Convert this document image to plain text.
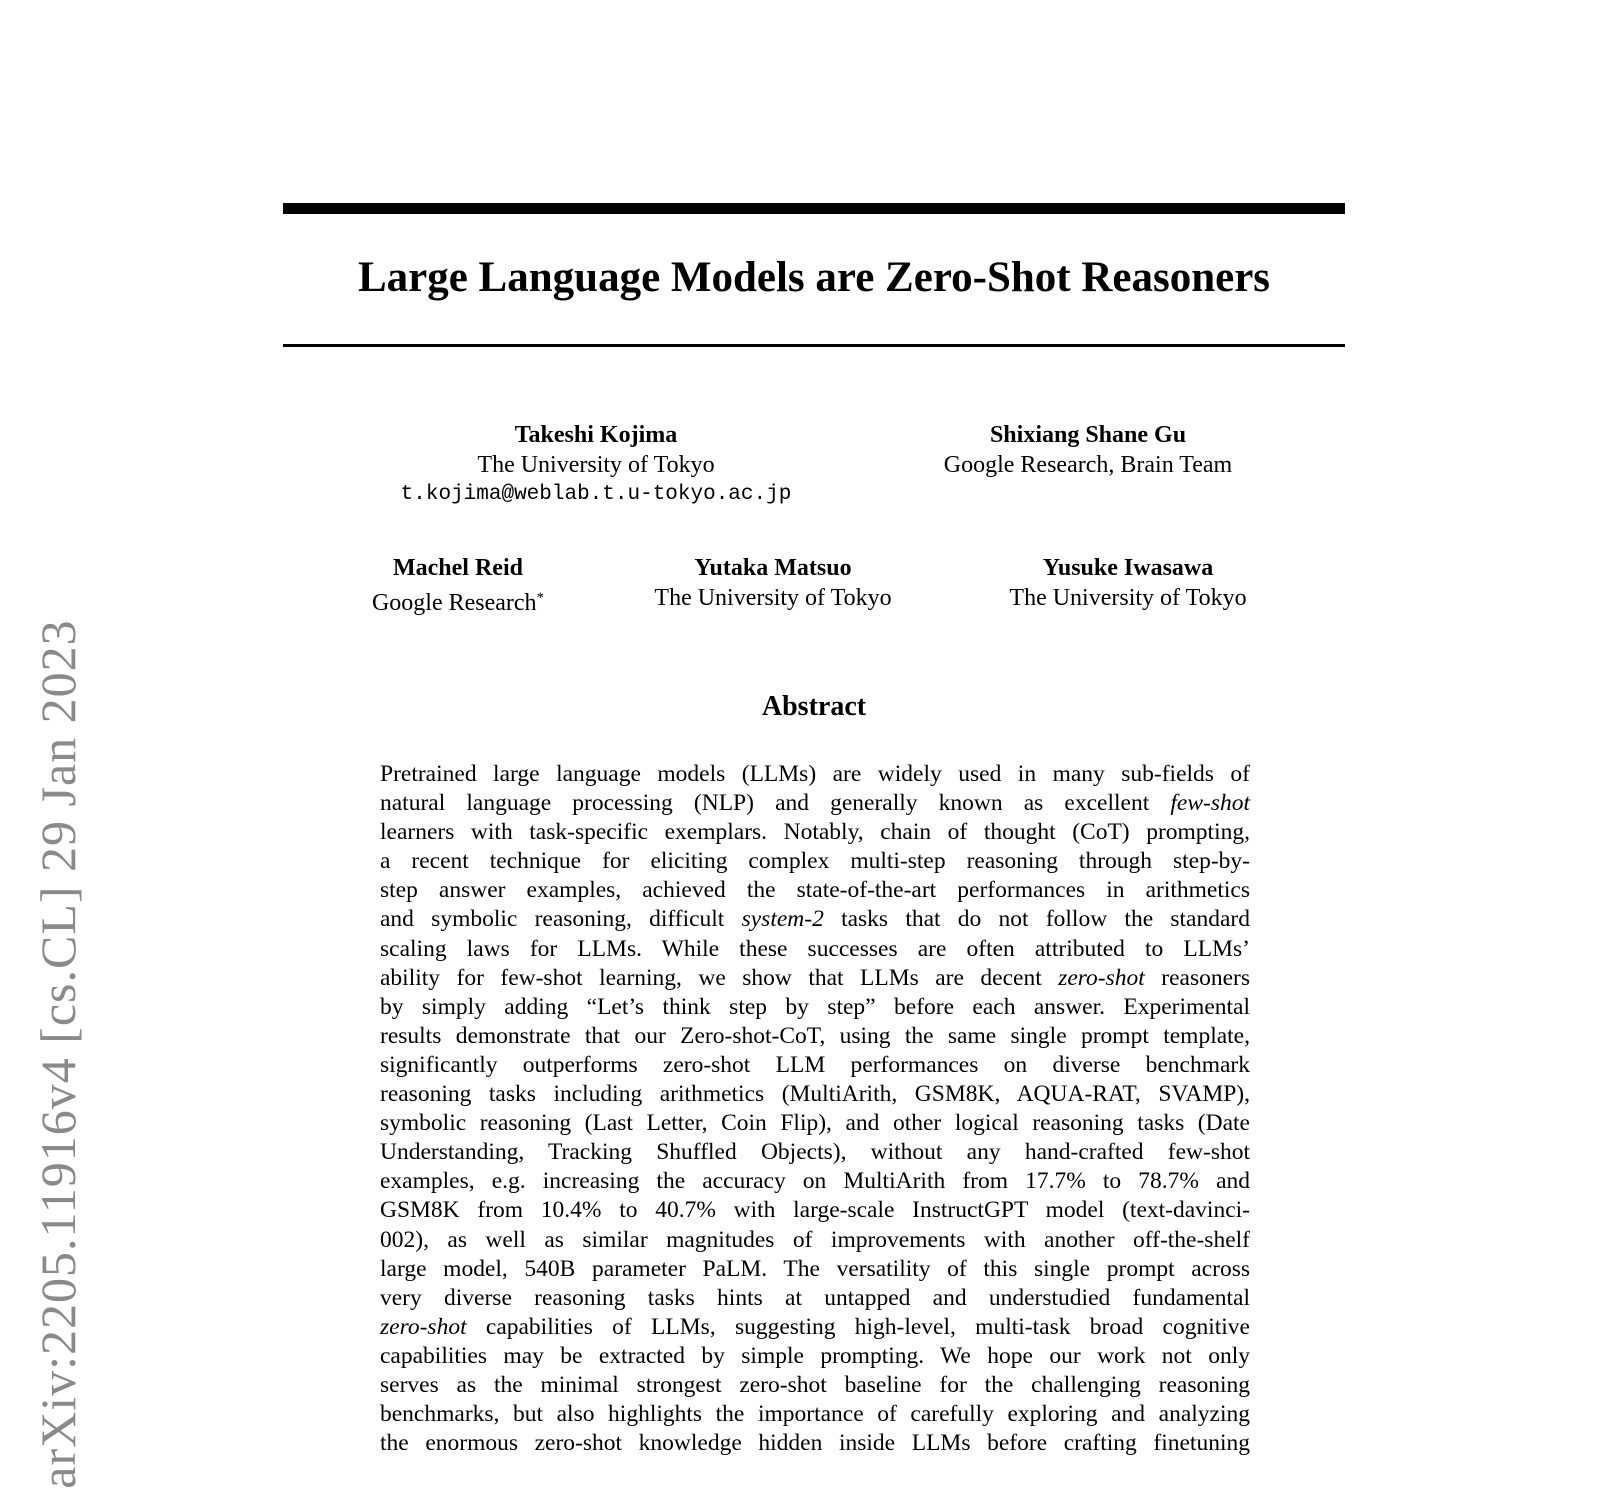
arXiv:2205.11916v4 [cs.CL] 29 Jan 2023
Large Language Models are Zero-Shot Reasoners
Takeshi Kojima
The University of Tokyo
t.kojima@weblab.t.u-tokyo.ac.jp
Shixiang Shane Gu
Google Research, Brain Team
Machel Reid
Google Research*
Yutaka Matsuo
The University of Tokyo
Yusuke Iwasawa
The University of Tokyo
Abstract
Pretrained large language models (LLMs) are widely used in many sub-fields of
natural language processing (NLP) and generally known as excellent few-shot
learners with task-specific exemplars. Notably, chain of thought (CoT) prompting,
a recent technique for eliciting complex multi-step reasoning through step-by-
step answer examples, achieved the state-of-the-art performances in arithmetics
and symbolic reasoning, difficult system-2 tasks that do not follow the standard
scaling laws for LLMs. While these successes are often attributed to LLMs’
ability for few-shot learning, we show that LLMs are decent zero-shot reasoners
by simply adding “Let’s think step by step” before each answer. Experimental
results demonstrate that our Zero-shot-CoT, using the same single prompt template,
significantly outperforms zero-shot LLM performances on diverse benchmark
reasoning tasks including arithmetics (MultiArith, GSM8K, AQUA-RAT, SVAMP),
symbolic reasoning (Last Letter, Coin Flip), and other logical reasoning tasks (Date
Understanding, Tracking Shuffled Objects), without any hand-crafted few-shot
examples, e.g. increasing the accuracy on MultiArith from 17.7% to 78.7% and
GSM8K from 10.4% to 40.7% with large-scale InstructGPT model (text-davinci-
002), as well as similar magnitudes of improvements with another off-the-shelf
large model, 540B parameter PaLM. The versatility of this single prompt across
very diverse reasoning tasks hints at untapped and understudied fundamental
zero-shot capabilities of LLMs, suggesting high-level, multi-task broad cognitive
capabilities may be extracted by simple prompting. We hope our work not only
serves as the minimal strongest zero-shot baseline for the challenging reasoning
benchmarks, but also highlights the importance of carefully exploring and analyzing
the enormous zero-shot knowledge hidden inside LLMs before crafting finetuning
